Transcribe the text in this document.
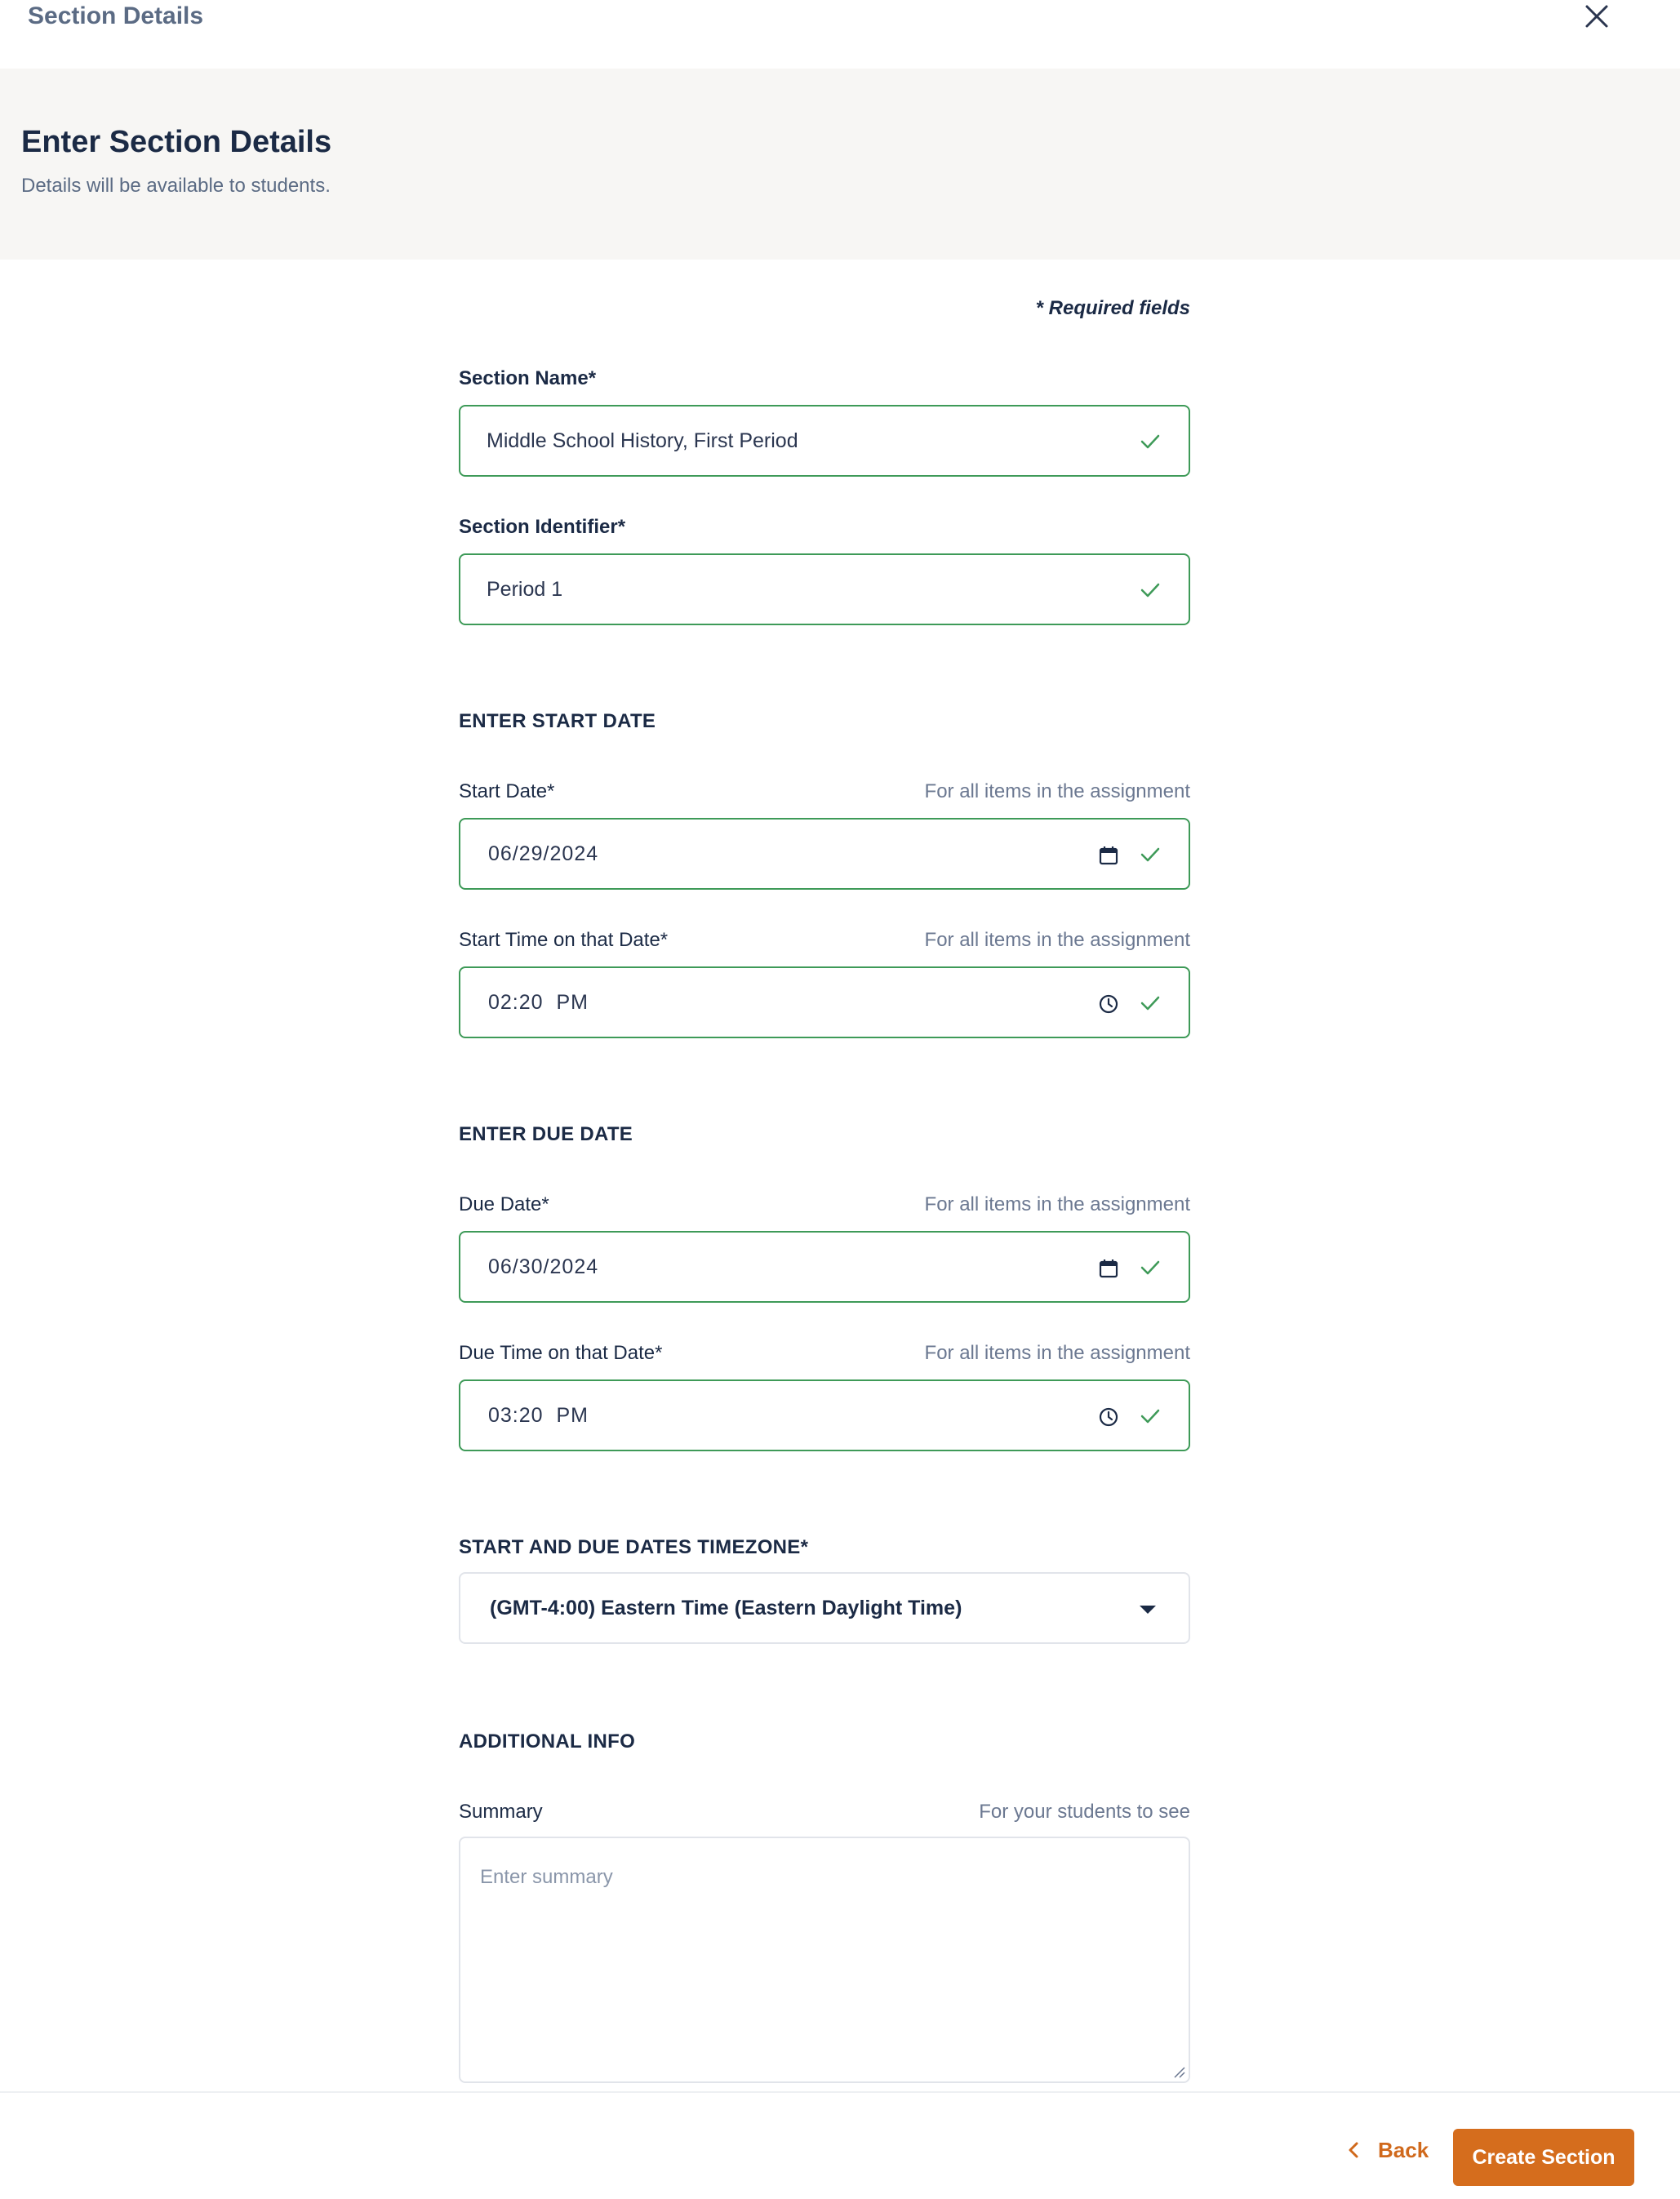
Section Details
Enter Section Details
Details will be available to students.
* Required fields
Section Name*
Middle School History, First Period
Section Identifier*
Period 1
ENTER START DATE
Start Date*	For all items in the assignment
06/29/2024
Start Time on that Date*	For all items in the assignment
02:20  PM
ENTER DUE DATE
Due Date*	For all items in the assignment
06/30/2024
Due Time on that Date*	For all items in the assignment
03:20  PM
START AND DUE DATES TIMEZONE*
(GMT-4:00) Eastern Time (Eastern Daylight Time)
ADDITIONAL INFO
Summary	For your students to see
Enter summary
Back	Create Section
